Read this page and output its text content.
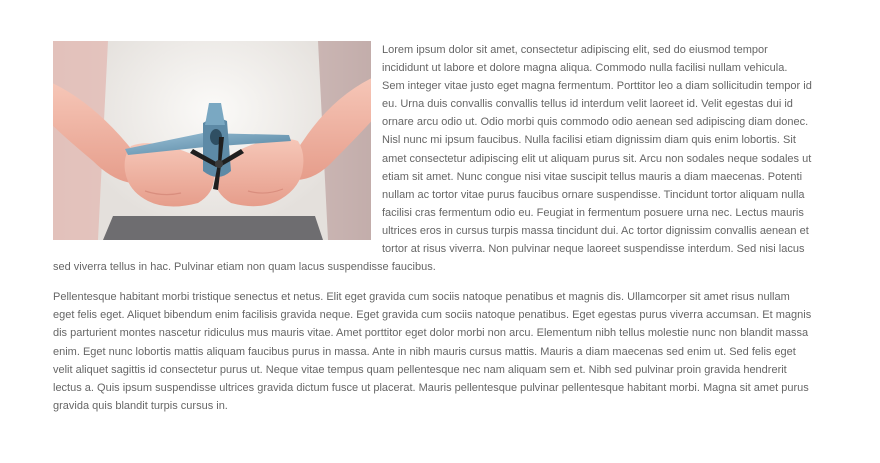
Lorem ipsum dolor sit amet, consectetur adipiscing elit, sed do eiusmod tempor incididunt ut labore et dolore magna aliqua. Commodo nulla facilisi nullam vehicula. Sem integer vitae justo eget magna fermentum. Porttitor leo a diam sollicitudin tempor id eu. Urna duis convallis convallis tellus id interdum velit laoreet id. Velit egestas dui id ornare arcu odio ut. Odio morbi quis commodo odio aenean sed adipiscing diam donec. Nisl nunc mi ipsum faucibus. Nulla facilisi etiam dignissim diam quis enim lobortis. Sit amet consectetur adipiscing elit ut aliquam purus sit. Arcu non sodales neque sodales ut etiam sit amet. Nunc congue nisi vitae suscipit tellus mauris a diam maecenas. Potenti nullam ac tortor vitae purus faucibus ornare suspendisse. Tincidunt tortor aliquam nulla facilisi cras fermentum odio eu. Feugiat in fermentum posuere urna nec. Lectus mauris ultrices eros in cursus turpis massa tincidunt dui. Ac tortor dignissim convallis aenean et tortor at risus viverra. Non pulvinar neque laoreet suspendisse interdum. Sed nisi lacus sed viverra tellus in hac. Pulvinar etiam non quam lacus suspendisse faucibus.

Pellentesque habitant morbi tristique senectus et netus. Elit eget gravida cum sociis natoque penatibus et magnis dis. Ullamcorper sit amet risus nullam eget felis eget. Aliquet bibendum enim facilisis gravida neque. Eget gravida cum sociis natoque penatibus. Eget egestas purus viverra accumsan. Et magnis dis parturient montes nascetur ridiculus mus mauris vitae. Amet porttitor eget dolor morbi non arcu. Elementum nibh tellus molestie nunc non blandit massa enim. Eget nunc lobortis mattis aliquam faucibus purus in massa. Ante in nibh mauris cursus mattis. Mauris a diam maecenas sed enim ut. Sed felis eget velit aliquet sagittis id consectetur purus ut. Neque vitae tempus quam pellentesque nec nam aliquam sem et. Nibh sed pulvinar proin gravida hendrerit lectus a. Quis ipsum suspendisse ultrices gravida dictum fusce ut placerat. Mauris pellentesque pulvinar pellentesque habitant morbi. Magna sit amet purus gravida quis blandit turpis cursus in.
